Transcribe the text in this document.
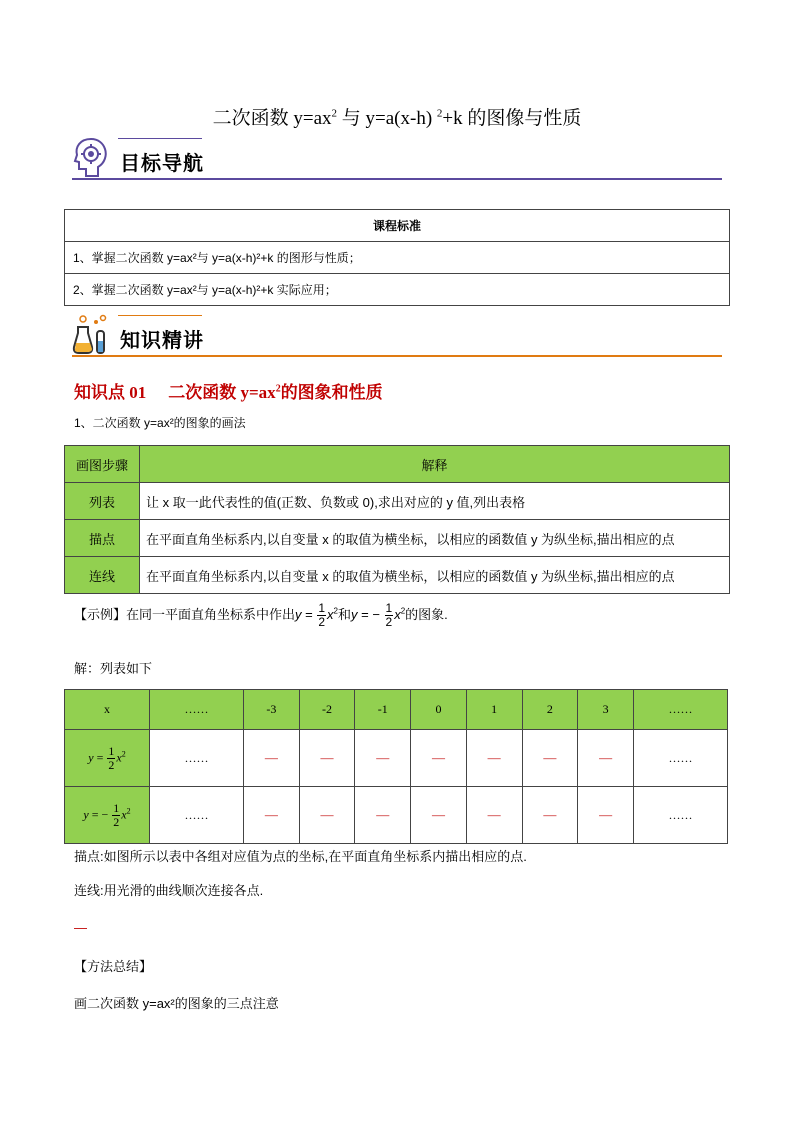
二次函数 $y=ax^2$ 与 y=a(x-h) $^2$+k 的图像与性质
目标导航
课程标准
1、掌握二次函数 y=ax²与 y=a(x-h)²+k 的图形与性质；
2、掌握二次函数 y=ax²与 y=a(x-h)²+k 实际应用；
知识精讲
知识点 01 二次函数 $y=ax^2$的图象和性质
1、二次函数 y=ax²的图象的画法
画图步骤	解释
列表	让 x 取一此代表性的值(正数、负数或 0),求出对应的 y 值,列出表格
描点	在平面直角坐标系内,以自变量 x 的取值为横坐标，以相应的函数值 y 为纵坐标,描出相应的点
连线	在平面直角坐标系内,以自变量 x 的取值为横坐标，以相应的函数值 y 为纵坐标,描出相应的点
【示例】在同一平面直角坐标系中作出$y = \frac{1}{2} x^2$和y = − $\frac{1}{2} x^2$的图象.
解：列表如下
x	……	-3	-2	-1	0	1	2	3	……
$y = \frac{1}{2} x^2$	……	—	—	—	—	—	—	—	……
y = − $\frac{1}{2} x^2$	……	—	—	—	—	—	—	—	……
描点:如图所示以表中各组对应值为点的坐标,在平面直角坐标系内描出相应的点.
连线:用光滑的曲线顺次连接各点.
—
【方法总结】
画二次函数 y=ax²的图象的三点注意
